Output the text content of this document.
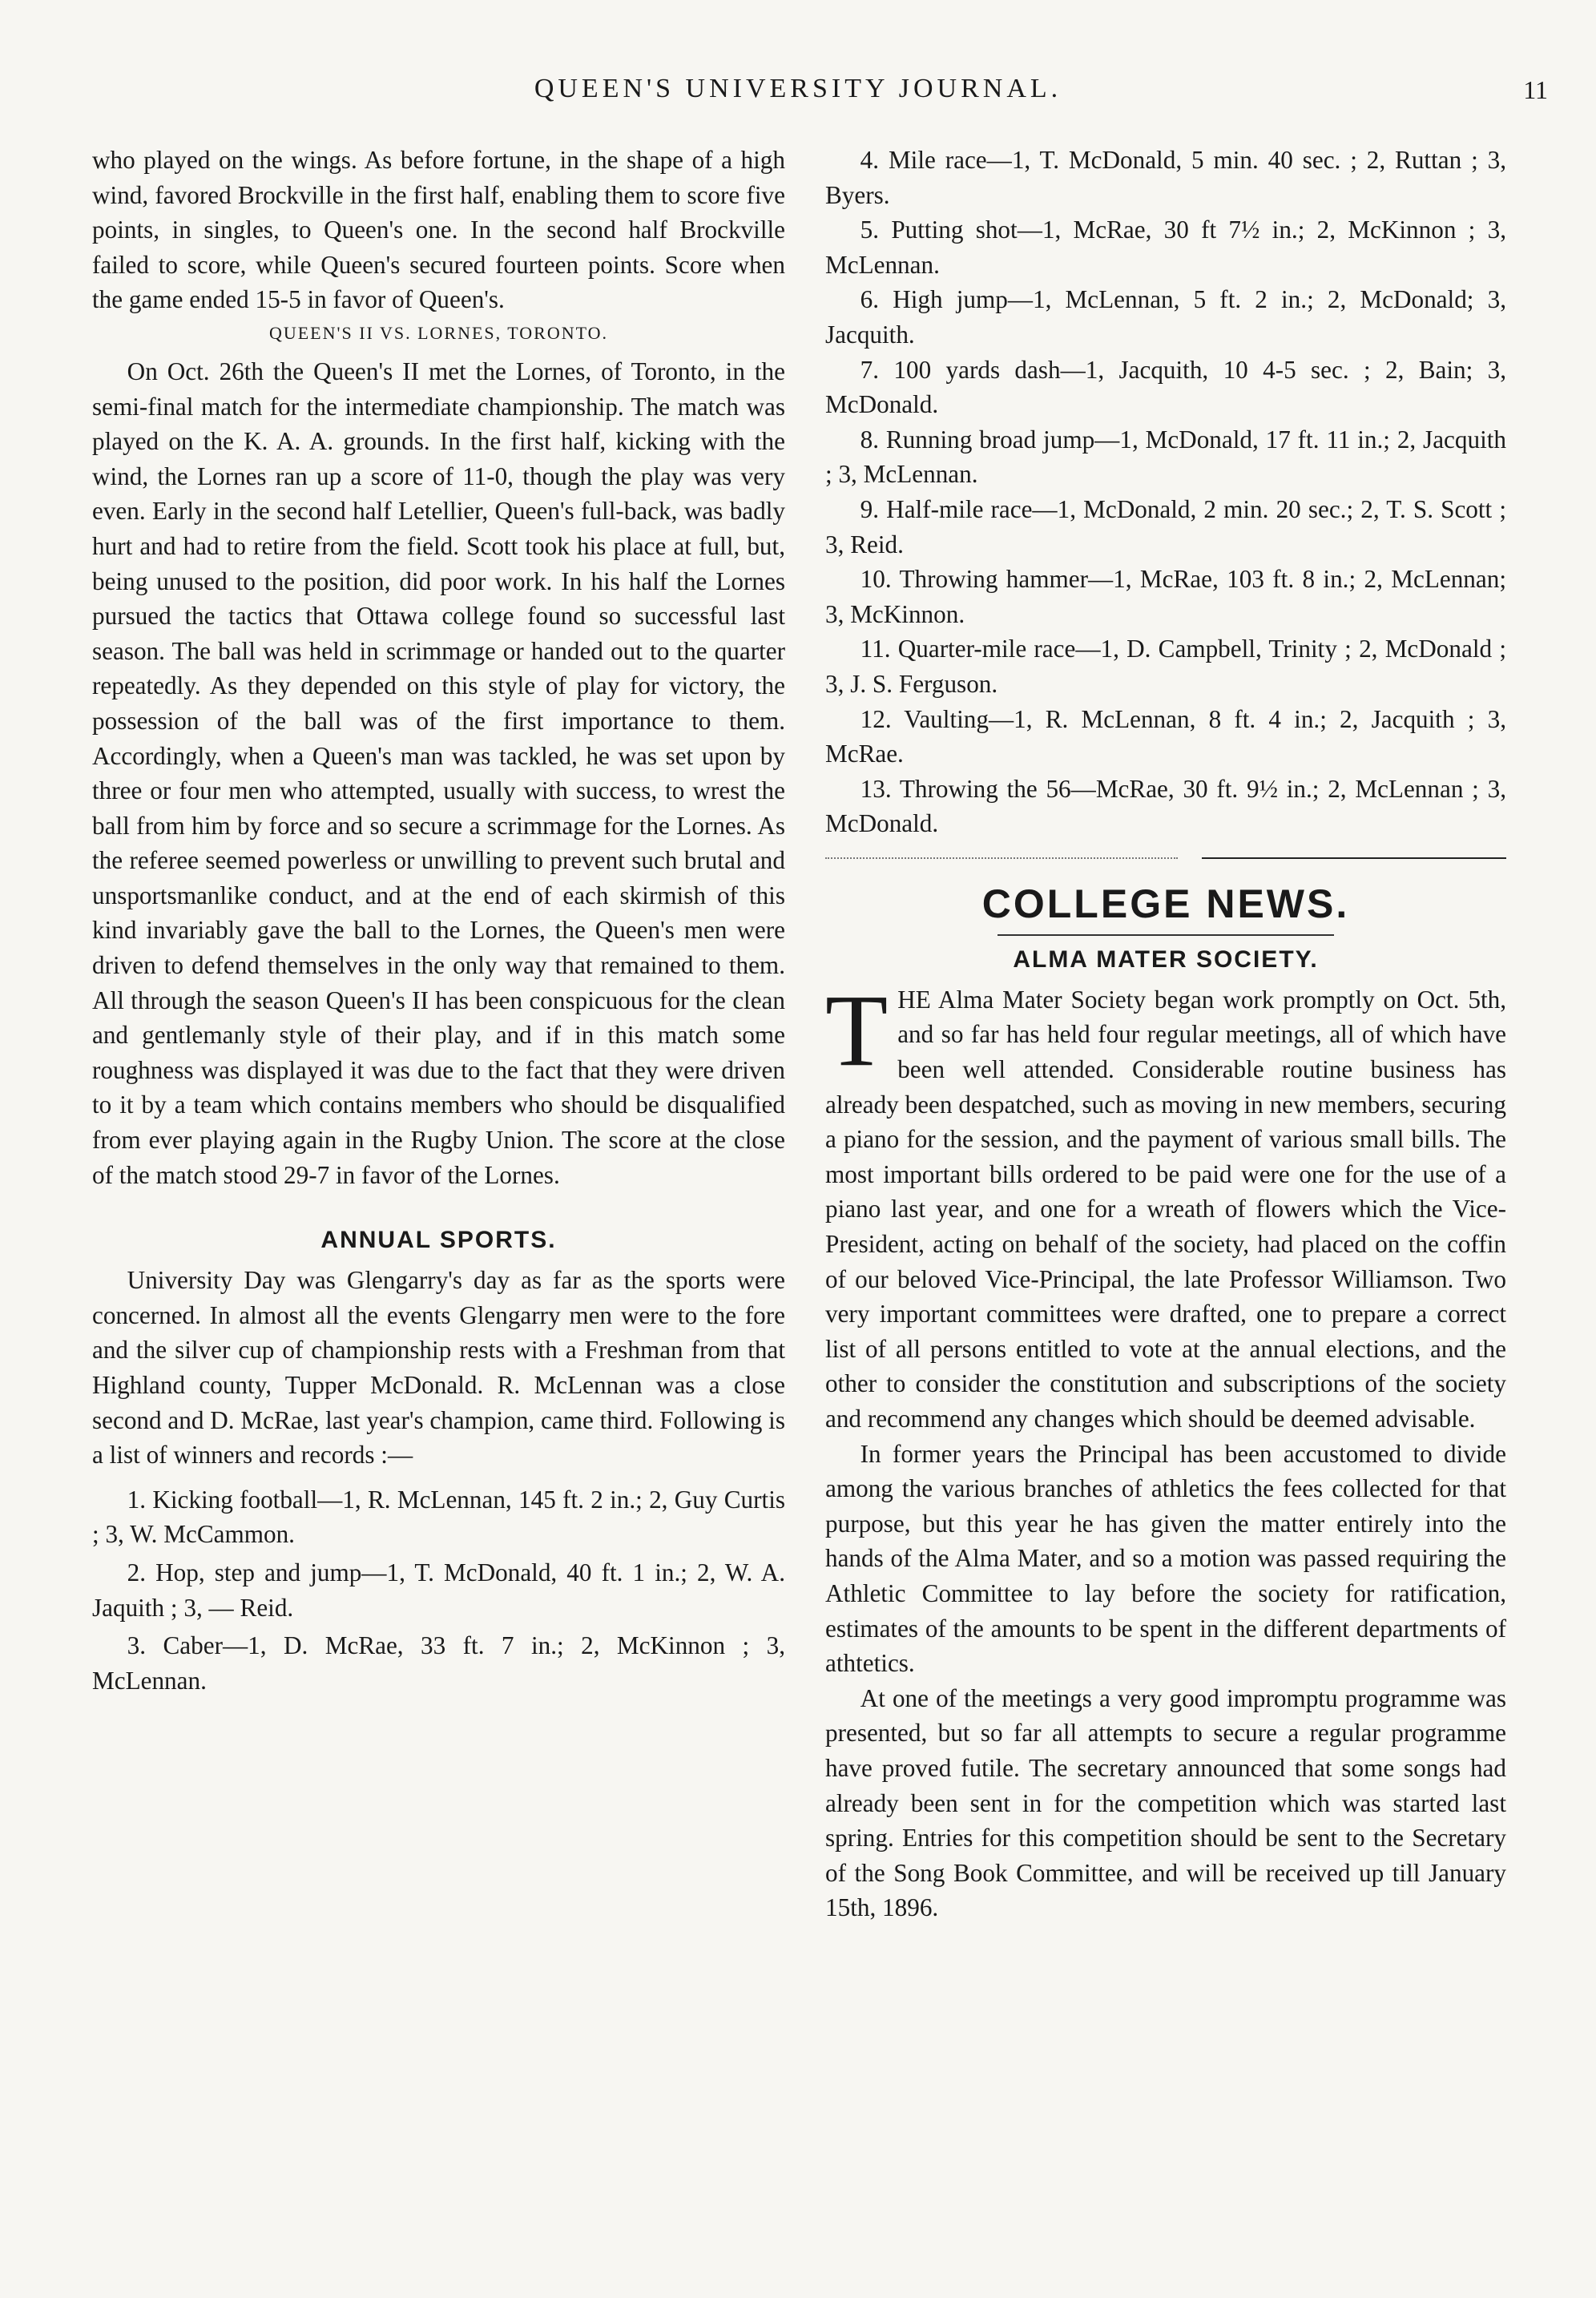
QUEEN'S UNIVERSITY JOURNAL.	11

who played on the wings. As before fortune, in the shape of a high wind, favored Brockville in the first half, enabling them to score five points, in singles, to Queen's one. In the second half Brockville failed to score, while Queen's secured fourteen points. Score when the game ended 15-5 in favor of Queen's.

QUEEN'S II VS. LORNES, TORONTO.

On Oct. 26th the Queen's II met the Lornes, of Toronto, in the semi-final match for the intermediate championship. The match was played on the K. A. A. grounds. In the first half, kicking with the wind, the Lornes ran up a score of 11-0, though the play was very even. Early in the second half Letellier, Queen's full-back, was badly hurt and had to retire from the field. Scott took his place at full, but, being unused to the position, did poor work. In his half the Lornes pursued the tactics that Ottawa college found so successful last season. The ball was held in scrimmage or handed out to the quarter repeatedly. As they depended on this style of play for victory, the possession of the ball was of the first importance to them. Accordingly, when a Queen's man was tackled, he was set upon by three or four men who attempted, usually with success, to wrest the ball from him by force and so secure a scrimmage for the Lornes. As the referee seemed powerless or unwilling to prevent such brutal and unsportsmanlike conduct, and at the end of each skirmish of this kind invariably gave the ball to the Lornes, the Queen's men were driven to defend themselves in the only way that remained to them. All through the season Queen's II has been conspicuous for the clean and gentlemanly style of their play, and if in this match some roughness was displayed it was due to the fact that they were driven to it by a team which contains members who should be disqualified from ever playing again in the Rugby Union. The score at the close of the match stood 29-7 in favor of the Lornes.

ANNUAL SPORTS.

University Day was Glengarry's day as far as the sports were concerned. In almost all the events Glengarry men were to the fore and the silver cup of championship rests with a Freshman from that Highland county, Tupper McDonald. R. McLennan was a close second and D. McRae, last year's champion, came third. Following is a list of winners and records :—

1. Kicking football—1, R. McLennan, 145 ft. 2 in.; 2, Guy Curtis ; 3, W. McCammon.
2. Hop, step and jump—1, T. McDonald, 40 ft. 1 in.; 2, W. A. Jaquith ; 3, — Reid.
3. Caber—1, D. McRae, 33 ft. 7 in.; 2, McKinnon ; 3, McLennan.
4. Mile race—1, T. McDonald, 5 min. 40 sec. ; 2, Ruttan ; 3, Byers.
5. Putting shot—1, McRae, 30 ft 7½ in.; 2, McKinnon ; 3, McLennan.
6. High jump—1, McLennan, 5 ft. 2 in.; 2, McDonald; 3, Jacquith.
7. 100 yards dash—1, Jacquith, 10 4-5 sec. ; 2, Bain; 3, McDonald.
8. Running broad jump—1, McDonald, 17 ft. 11 in.; 2, Jacquith ; 3, McLennan.
9. Half-mile race—1, McDonald, 2 min. 20 sec.; 2, T. S. Scott ; 3, Reid.
10. Throwing hammer—1, McRae, 103 ft. 8 in.; 2, McLennan; 3, McKinnon.
11. Quarter-mile race—1, D. Campbell, Trinity ; 2, McDonald ; 3, J. S. Ferguson.
12. Vaulting—1, R. McLennan, 8 ft. 4 in.; 2, Jacquith ; 3, McRae.
13. Throwing the 56—McRae, 30 ft. 9½ in.; 2, McLennan ; 3, McDonald.
COLLEGE NEWS.
ALMA MATER SOCIETY.
T HE Alma Mater Society began work promptly on Oct. 5th, and so far has held four regular meetings, all of which have been well attended. Considerable routine business has already been despatched, such as moving in new members, securing a piano for the session, and the payment of various small bills. The most important bills ordered to be paid were one for the use of a piano last year, and one for a wreath of flowers which the Vice-President, acting on behalf of the society, had placed on the coffin of our beloved Vice-Principal, the late Professor Williamson. Two very important committees were drafted, one to prepare a correct list of all persons entitled to vote at the annual elections, and the other to consider the constitution and subscriptions of the society and recommend any changes which should be deemed advisable.

In former years the Principal has been accustomed to divide among the various branches of athletics the fees collected for that purpose, but this year he has given the matter entirely into the hands of the Alma Mater, and so a motion was passed requiring the Athletic Committee to lay before the society for ratification, estimates of the amounts to be spent in the different departments of athtetics.

At one of the meetings a very good impromptu programme was presented, but so far all attempts to secure a regular programme have proved futile. The secretary announced that some songs had already been sent in for the competition which was started last spring. Entries for this competition should be sent to the Secretary of the Song Book Committee, and will be received up till January 15th, 1896.
